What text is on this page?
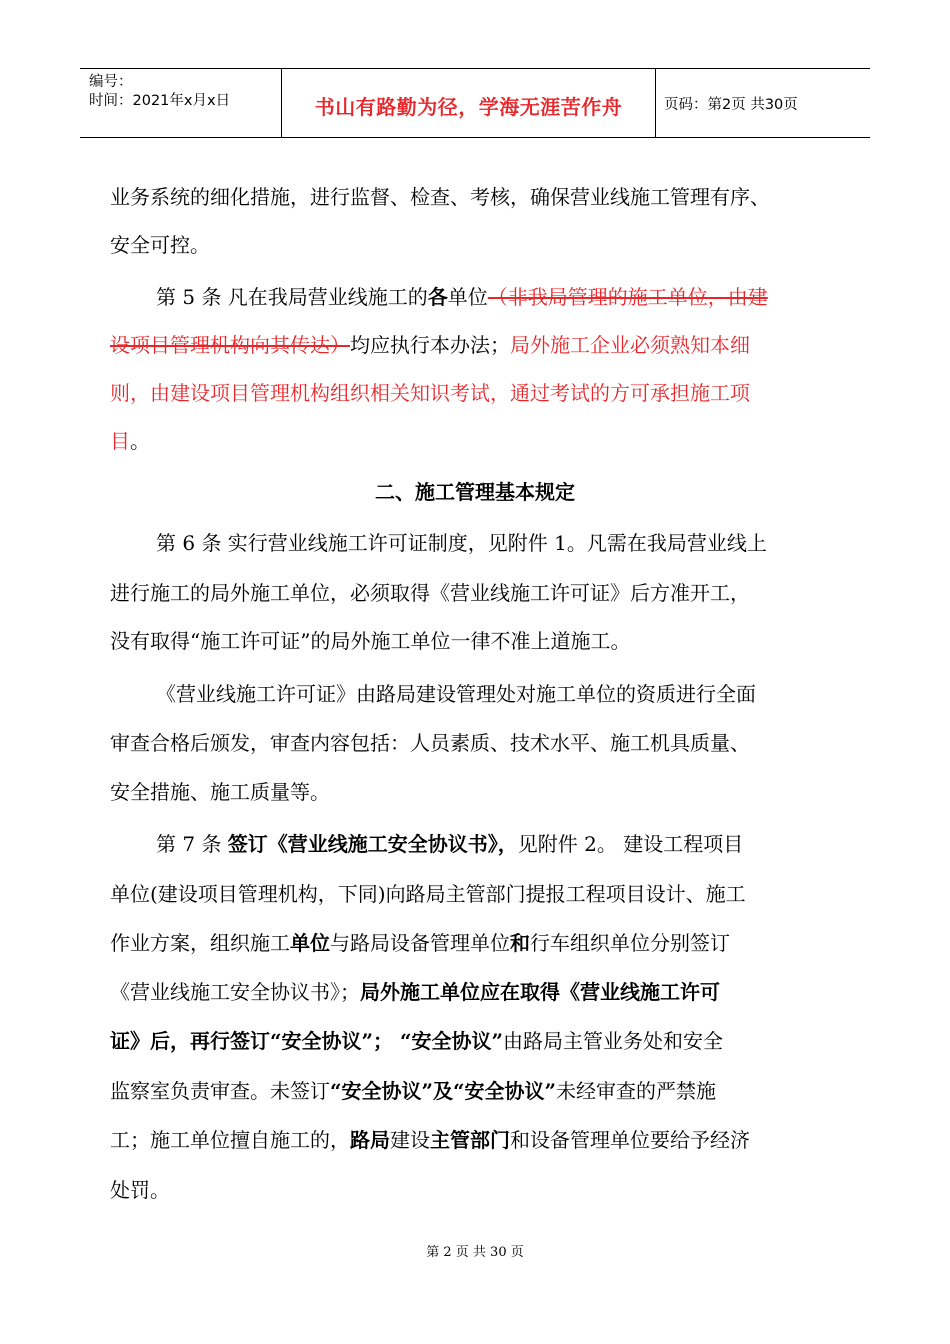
编号：
时间：2021年x月x日	书山有路勤为径，学海无涯苦作舟	页码：第2页 共30页
业务系统的细化措施，进行监督、检查、考核，确保营业线施工管理有序、
安全可控。
第 5 条 凡在我局营业线施工的各单位（非我局管理的施工单位，由建
设项目管理机构向其传达）均应执行本办法；局外施工企业必须熟知本细
则，由建设项目管理机构组织相关知识考试，通过考试的方可承担施工项
目。
二、施工管理基本规定
第 6 条 实行营业线施工许可证制度，见附件 1。凡需在我局营业线上
进行施工的局外施工单位，必须取得《营业线施工许可证》后方准开工，
没有取得“施工许可证”的局外施工单位一律不准上道施工。
《营业线施工许可证》由路局建设管理处对施工单位的资质进行全面
审查合格后颁发，审查内容包括：人员素质、技术水平、施工机具质量、
安全措施、施工质量等。
第 7 条 签订《营业线施工安全协议书》，见附件 2。 建设工程项目
单位(建设项目管理机构，下同)向路局主管部门提报工程项目设计、施工
作业方案，组织施工单位与路局设备管理单位和行车组织单位分别签订
《营业线施工安全协议书》；局外施工单位应在取得《营业线施工许可
证》后，再行签订“安全协议”； “安全协议”由路局主管业务处和安全
监察室负责审查。未签订“安全协议”及“安全协议”未经审查的严禁施
工；施工单位擅自施工的，路局建设主管部门和设备管理单位要给予经济
处罚。
第 2 页 共 30 页
